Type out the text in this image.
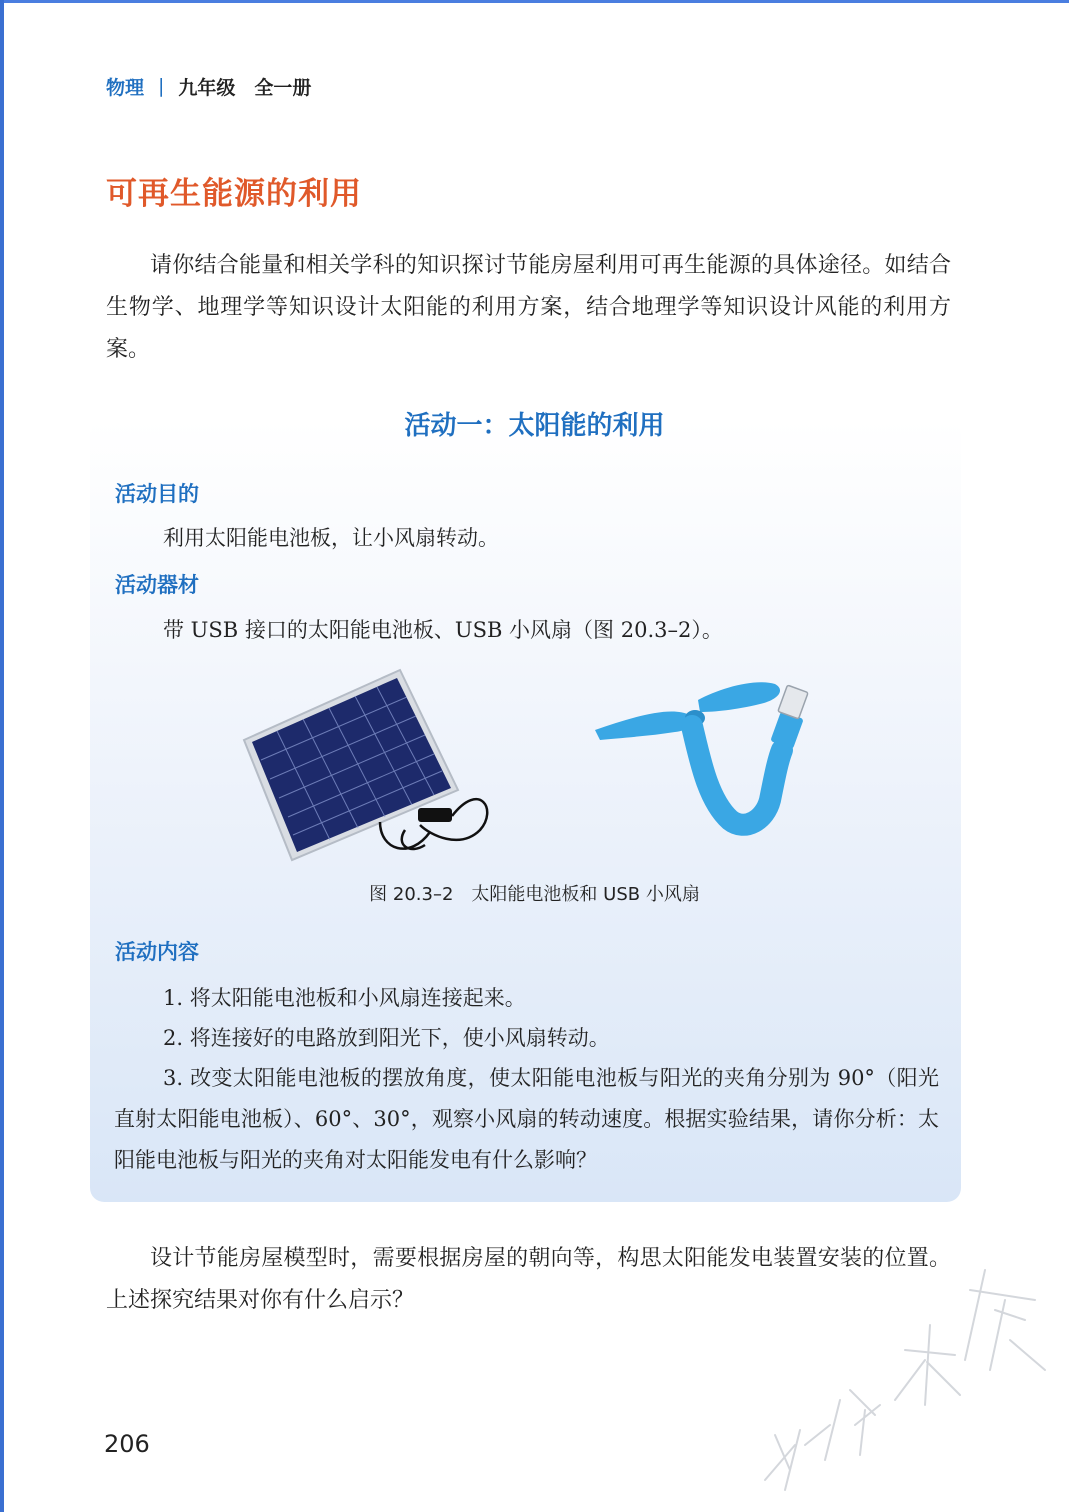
物理 | 九年级　全一册
可再生能源的利用
请你结合能量和相关学科的知识探讨节能房屋利用可再生能源的具体途径。如结合生物学、地理学等知识设计太阳能的利用方案，结合地理学等知识设计风能的利用方案。
活动一：太阳能的利用
活动目的
利用太阳能电池板，让小风扇转动。
活动器材
带 USB 接口的太阳能电池板、USB 小风扇（图 20.3–2）。
图 20.3–2　太阳能电池板和 USB 小风扇
活动内容
1. 将太阳能电池板和小风扇连接起来。
2. 将连接好的电路放到阳光下，使小风扇转动。
3. 改变太阳能电池板的摆放角度，使太阳能电池板与阳光的夹角分别为 90°（阳光直射太阳能电池板）、60°、30°，观察小风扇的转动速度。根据实验结果，请你分析：太阳能电池板与阳光的夹角对太阳能发电有什么影响？
设计节能房屋模型时，需要根据房屋的朝向等，构思太阳能发电装置安装的位置。上述探究结果对你有什么启示？
206
